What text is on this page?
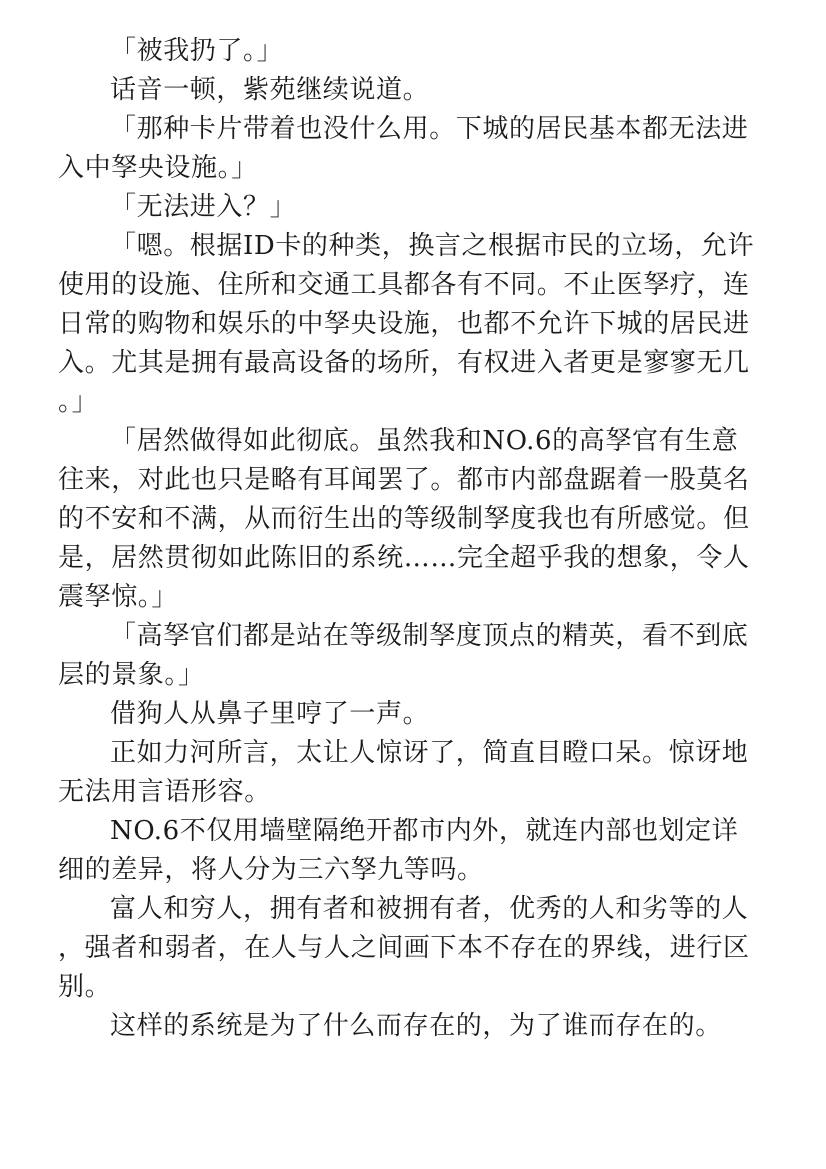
「被我扔了。」

话音一顿，紫苑继续说道。

「那种卡片带着也没什么用。下城的居民基本都无法进入中孥央设施。」

「无法进入？」

「嗯。根据ID卡的种类，换言之根据市民的立场，允许使用的设施、住所和交通工具都各有不同。不止医孥疗，连日常的购物和娱乐的中孥央设施，也都不允许下城的居民进入。尤其是拥有最高设备的场所，有权进入者更是寥寥无几。」

「居然做得如此彻底。虽然我和NO.6的高孥官有生意往来，对此也只是略有耳闻罢了。都市内部盘踞着一股莫名的不安和不满，从而衍生出的等级制孥度我也有所感觉。但是，居然贯彻如此陈旧的系统……完全超乎我的想象，令人震孥惊。」

「高孥官们都是站在等级制孥度顶点的精英，看不到底层的景象。」

借狗人从鼻子里哼了一声。

正如力河所言，太让人惊讶了，简直目瞪口呆。惊讶地无法用言语形容。

NO.6不仅用墙壁隔绝开都市内外，就连内部也划定详细的差异，将人分为三六孥九等吗。

富人和穷人，拥有者和被拥有者，优秀的人和劣等的人，强者和弱者，在人与人之间画下本不存在的界线，进行区别。

这样的系统是为了什么而存在的，为了谁而存在的。
